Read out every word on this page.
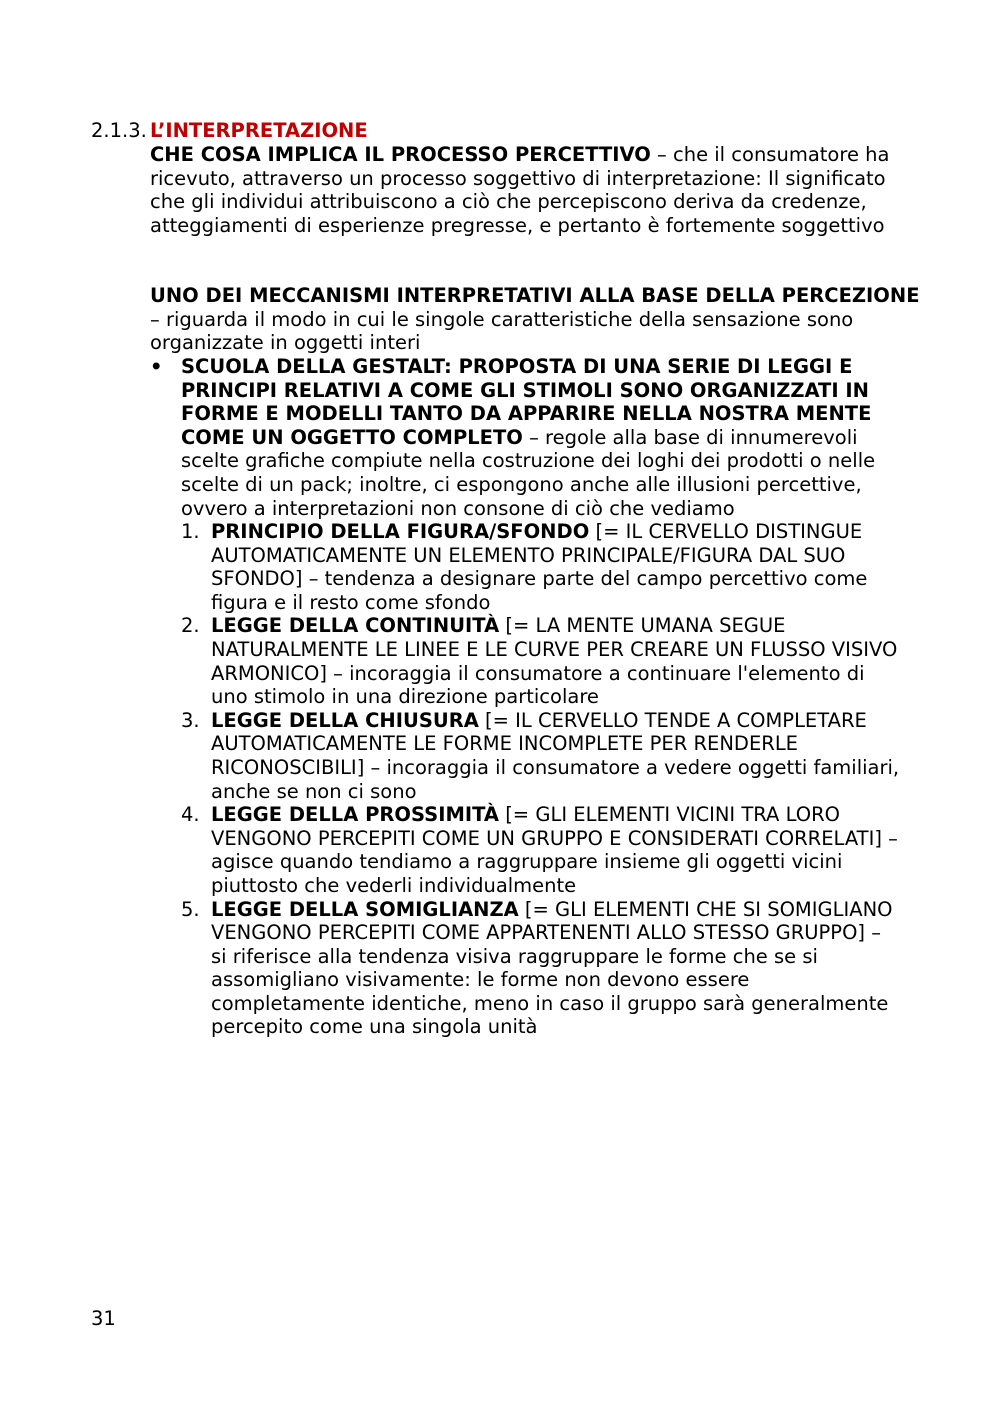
2.1.3. L’INTERPRETAZIONE
CHE COSA IMPLICA IL PROCESSO PERCETTIVO – che il consumatore ha ricevuto, attraverso un processo soggettivo di interpretazione: Il significato che gli individui attribuiscono a ciò che percepiscono deriva da credenze, atteggiamenti di esperienze pregresse, e pertanto è fortemente soggettivo
UNO DEI MECCANISMI INTERPRETATIVI ALLA BASE DELLA PERCEZIONE – riguarda il modo in cui le singole caratteristiche della sensazione sono organizzate in oggetti interi
• SCUOLA DELLA GESTALT: PROPOSTA DI UNA SERIE DI LEGGI E PRINCIPI RELATIVI A COME GLI STIMOLI SONO ORGANIZZATI IN FORME E MODELLI TANTO DA APPARIRE NELLA NOSTRA MENTE COME UN OGGETTO COMPLETO – regole alla base di innumerevoli scelte grafiche compiute nella costruzione dei loghi dei prodotti o nelle scelte di un pack; inoltre, ci espongono anche alle illusioni percettive, ovvero a interpretazioni non consone di ciò che vediamo
1. PRINCIPIO DELLA FIGURA/SFONDO [= IL CERVELLO DISTINGUE AUTOMATICAMENTE UN ELEMENTO PRINCIPALE/FIGURA DAL SUO SFONDO] – tendenza a designare parte del campo percettivo come figura e il resto come sfondo
2. LEGGE DELLA CONTINUITÀ [= LA MENTE UMANA SEGUE NATURALMENTE LE LINEE E LE CURVE PER CREARE UN FLUSSO VISIVO ARMONICO] – incoraggia il consumatore a continuare l'elemento di uno stimolo in una direzione particolare
3. LEGGE DELLA CHIUSURA [= IL CERVELLO TENDE A COMPLETARE AUTOMATICAMENTE LE FORME INCOMPLETE PER RENDERLE RICONOSCIBILI] – incoraggia il consumatore a vedere oggetti familiari, anche se non ci sono
4. LEGGE DELLA PROSSIMITÀ [= GLI ELEMENTI VICINI TRA LORO VENGONO PERCEPITI COME UN GRUPPO E CONSIDERATI CORRELATI] – agisce quando tendiamo a raggruppare insieme gli oggetti vicini piuttosto che vederli individualmente
5. LEGGE DELLA SOMIGLIANZA [= GLI ELEMENTI CHE SI SOMIGLIANO VENGONO PERCEPITI COME APPARTENENTI ALLO STESSO GRUPPO] – si riferisce alla tendenza visiva raggruppare le forme che se si assomigliano visivamente: le forme non devono essere completamente identiche, meno in caso il gruppo sarà generalmente percepito come una singola unità
31
